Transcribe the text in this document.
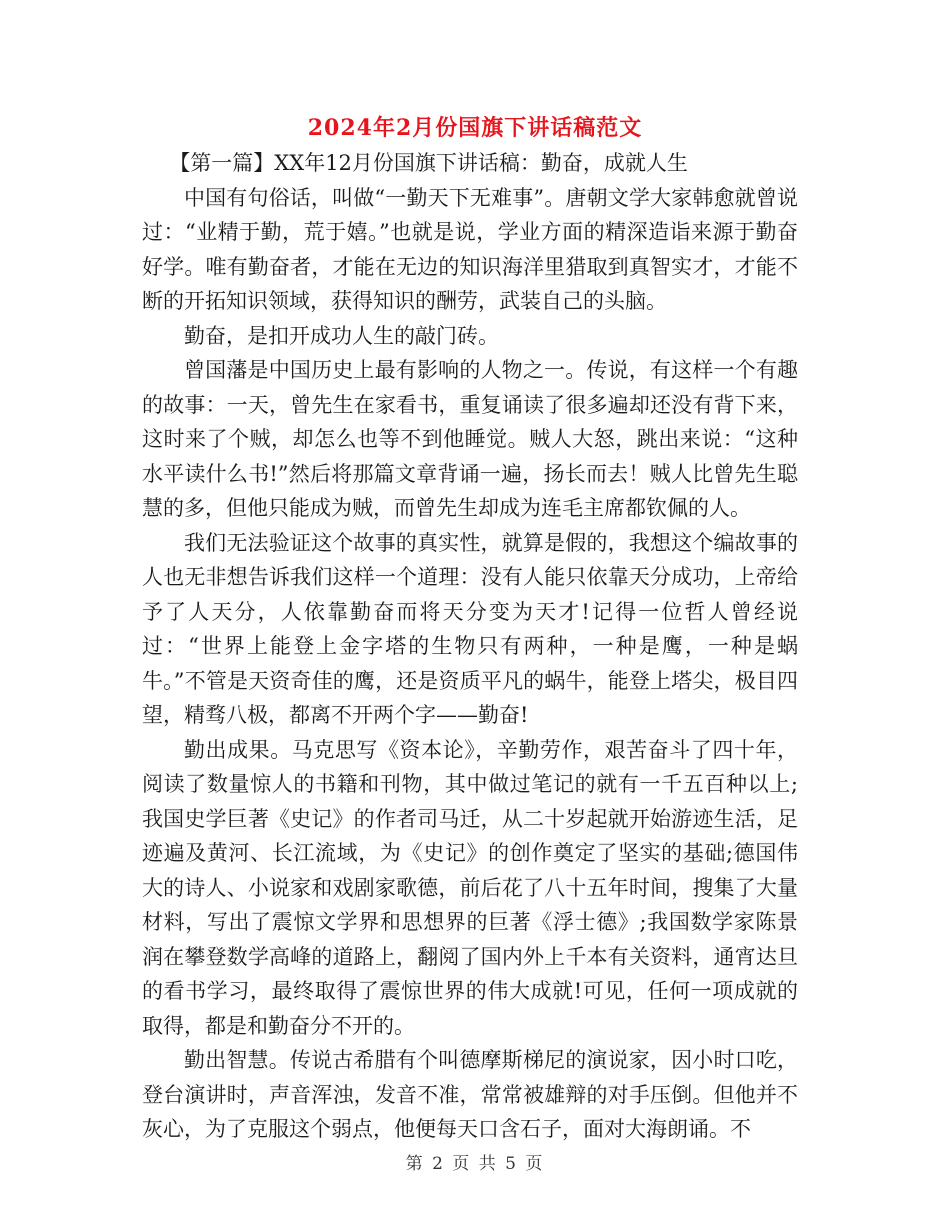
2024年2月份国旗下讲话稿范文

【第一篇】XX年12月份国旗下讲话稿：勤奋，成就人生

中国有句俗话，叫做“一勤天下无难事”。唐朝文学大家韩愈就曾说过：“业精于勤，荒于嬉。”也就是说，学业方面的精深造诣来源于勤奋好学。唯有勤奋者，才能在无边的知识海洋里猎取到真智实才，才能不断的开拓知识领域，获得知识的酬劳，武装自己的头脑。

勤奋，是扣开成功人生的敲门砖。

曾国藩是中国历史上最有影响的人物之一。传说，有这样一个有趣的故事：一天，曾先生在家看书，重复诵读了很多遍却还没有背下来，这时来了个贼，却怎么也等不到他睡觉。贼人大怒，跳出来说：“这种水平读什么书!”然后将那篇文章背诵一遍，扬长而去！贼人比曾先生聪慧的多，但他只能成为贼，而曾先生却成为连毛主席都钦佩的人。

我们无法验证这个故事的真实性，就算是假的，我想这个编故事的人也无非想告诉我们这样一个道理：没有人能只依靠天分成功，上帝给予了人天分，人依靠勤奋而将天分变为天才!记得一位哲人曾经说过：“世界上能登上金字塔的生物只有两种，一种是鹰，一种是蜗牛。”不管是天资奇佳的鹰，还是资质平凡的蜗牛，能登上塔尖，极目四望，精骛八极，都离不开两个字——勤奋!

勤出成果。马克思写《资本论》，辛勤劳作，艰苦奋斗了四十年，阅读了数量惊人的书籍和刊物，其中做过笔记的就有一千五百种以上;我国史学巨著《史记》的作者司马迁，从二十岁起就开始游迹生活，足迹遍及黄河、长江流域，为《史记》的创作奠定了坚实的基础;德国伟大的诗人、小说家和戏剧家歌德，前后花了八十五年时间，搜集了大量材料，写出了震惊文学界和思想界的巨著《浮士德》;我国数学家陈景润在攀登数学高峰的道路上，翻阅了国内外上千本有关资料，通宵达旦的看书学习，最终取得了震惊世界的伟大成就!可见，任何一项成就的取得，都是和勤奋分不开的。

勤出智慧。传说古希腊有个叫德摩斯梯尼的演说家，因小时口吃，登台演讲时，声音浑浊，发音不准，常常被雄辩的对手压倒。但他并不灰心，为了克服这个弱点，他便每天口含石子，面对大海朗诵。不

第 2 页 共 5 页
